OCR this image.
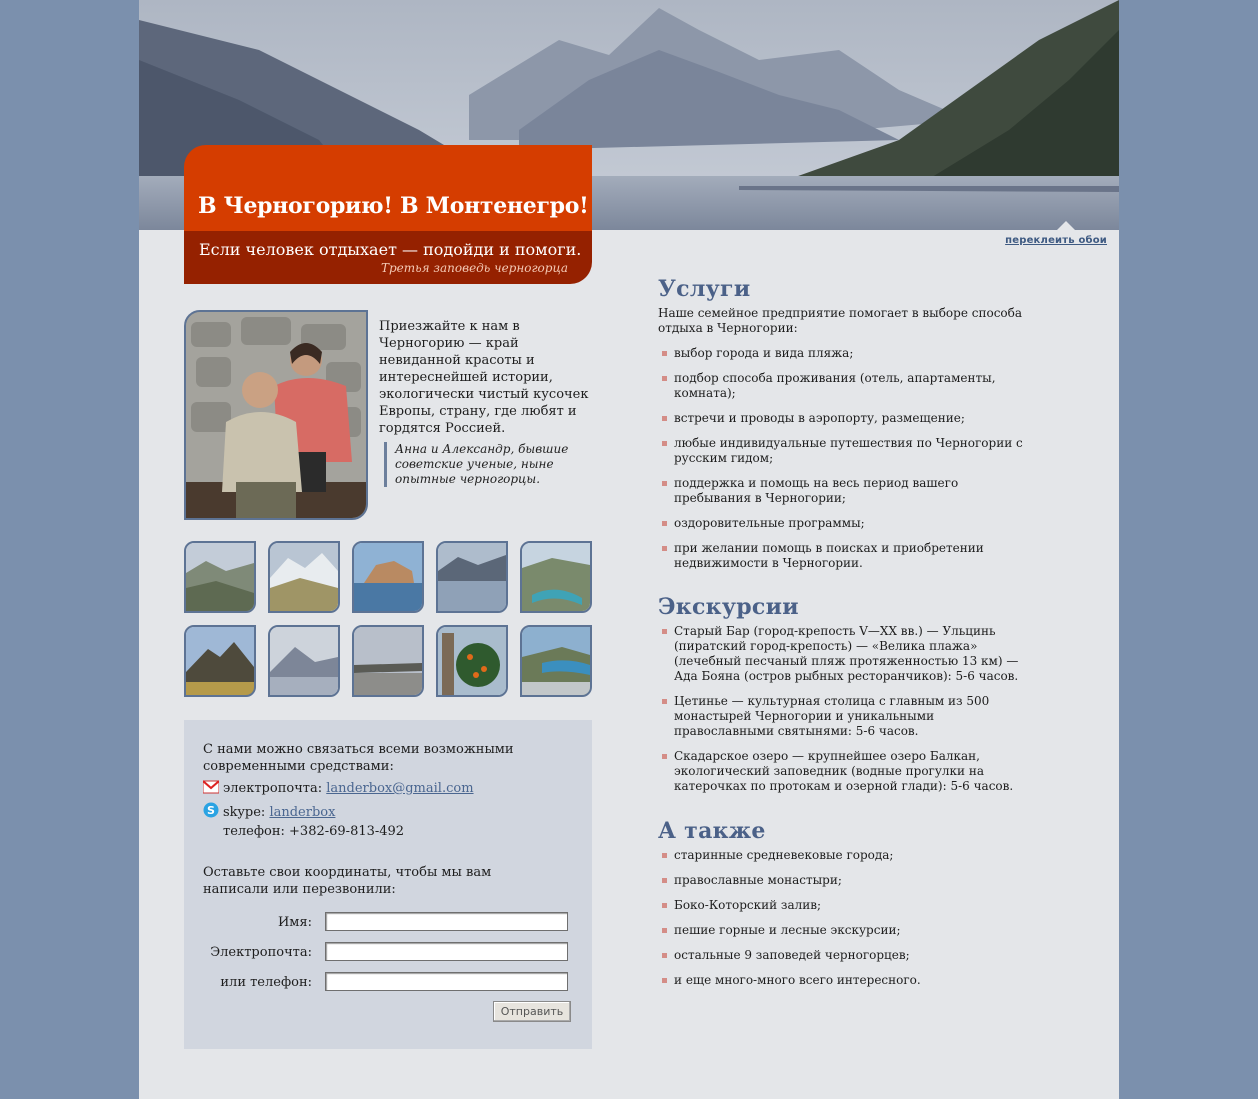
переклеить обои
В Черногорию! В Монтенегро!
Если человек отдыхает — подойди и помоги.
Третья заповедь черногорца
Приезжайте к нам в Черногорию — край невиданной красоты и интереснейшей истории, экологически чистый кусочек Европы, страну, где любят и гордятся Россией.
Анна и Александр, бывшие советские ученые, ныне опытные черногорцы.
С нами можно связаться всеми возможными современными средствами:
электропочта: landerbox@gmail.com
S skype: landerbox
телефон: +382-69-813-492
Оставьте свои координаты, чтобы мы вам написали или перезвонили:
Имя:
Электропочта:
или телефон:
Отправить
Услуги
Наше семейное предприятие помогает в выборе способа отдыха в Черногории:
выбор города и вида пляжа;
подбор способа проживания (отель, апартаменты, комната);
встречи и проводы в аэропорту, размещение;
любые индивидуальные путешествия по Черногории с русским гидом;
поддержка и помощь на весь период вашего пребывания в Черногории;
оздоровительные программы;
при желании помощь в поисках и приобретении недвижимости в Черногории.
Экскурсии
Старый Бар (город-крепость V—XX вв.) — Ульцинь (пиратский город-крепость) — «Велика плажа» (лечебный песчаный пляж протяженностью 13 км) — Ада Бояна (остров рыбных ресторанчиков): 5-6 часов.
Цетинье — культурная столица с главным из 500 монастырей Черногории и уникальными православными святынями: 5-6 часов.
Скадарское озеро — крупнейшее озеро Балкан, экологический заповедник (водные прогулки на катерочках по протокам и озерной глади): 5-6 часов.
А также
старинные средневековые города;
православные монастыри;
Боко-Которский залив;
пешие горные и лесные экскурсии;
остальные 9 заповедей черногорцев;
и еще много-много всего интересного.
